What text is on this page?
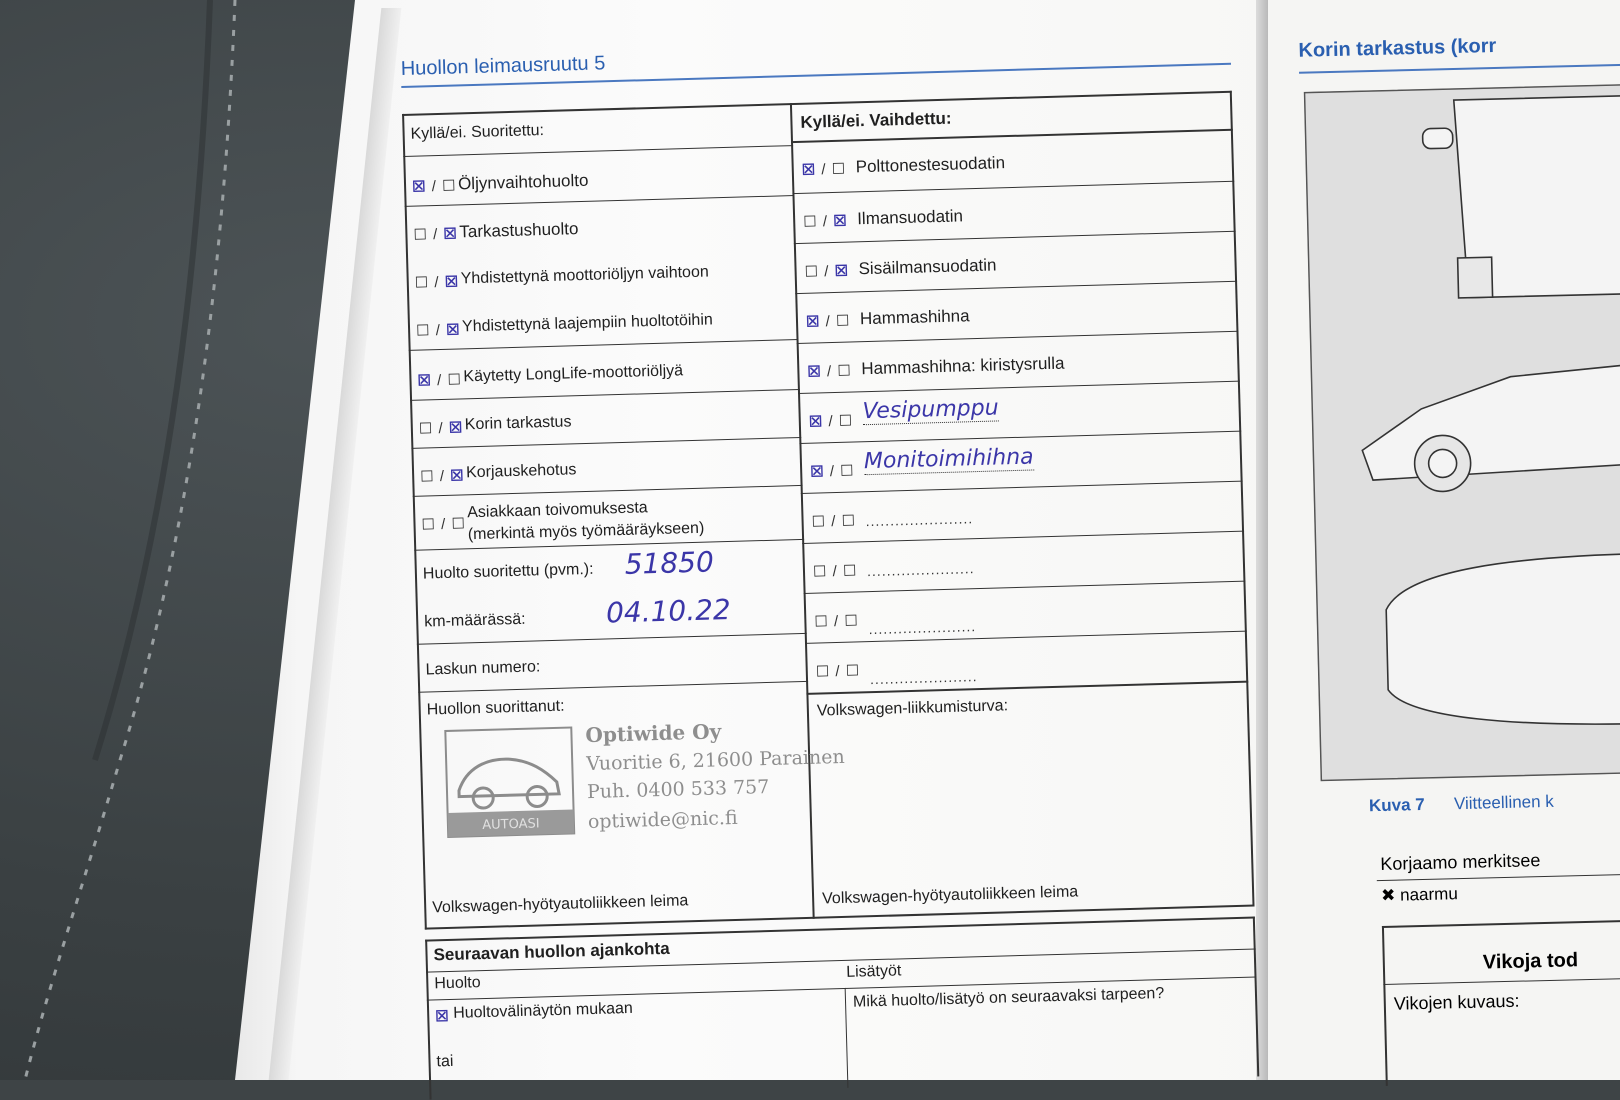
Huollon leimausruutu 5
Kyllä/ei. Suoritettu:
Kyllä/ei. Vaihdettu:
☒ / ☐ Öljynvaihtohuolto
☐ / ☒ Tarkastushuolto
☐ / ☒ Yhdistettynä moottoriöljyn vaihtoon
☐ / ☒ Yhdistettynä laajempiin huoltotöihin
☒ / ☐ Käytetty LongLife-moottoriöljyä
☐ / ☒ Korin tarkastus
☐ / ☒ Korjauskehotus
☐ / ☐
Asiakkaan toivomuksesta
(merkintä myös työmääräykseen)
Huolto suoritettu (pvm.): 51850
km-määrässä:	04.10.22
Laskun numero:
Huollon suorittanut:
AUTOASI
Optiwide Oy
Vuoritie 6, 21600 Parainen
Puh. 0400 533 757
optiwide@nic.fi
Volkswagen-hyötyautoliikkeen leima
☒ / ☐ Polttonestesuodatin
☐ / ☒ Ilmansuodatin
☐ / ☒ Sisäilmansuodatin
☒ / ☐ Hammashihna
☒ / ☐ Hammashihna: kiristysrulla
☒ / ☐ Vesipumppu
☒ / ☐ Monitoimihihna
☐ / ☐ ......................
☐ / ☐ ......................
☐ / ☐ ......................
☐ / ☐ ......................
Volkswagen-liikkumisturva:
Volkswagen-hyötyautoliikkeen leima
Seuraavan huollon ajankohta
Huolto
Lisätyöt
☒ Huoltovälinäytön mukaan
Mikä huolto/lisätyö on seuraavaksi tarpeen?
tai
Korin tarkastus (korr
Kuva 7 Viitteellinen k
Korjaamo merkitsee
✖ naarmu
Vikoja tod
Vikojen kuvaus:
